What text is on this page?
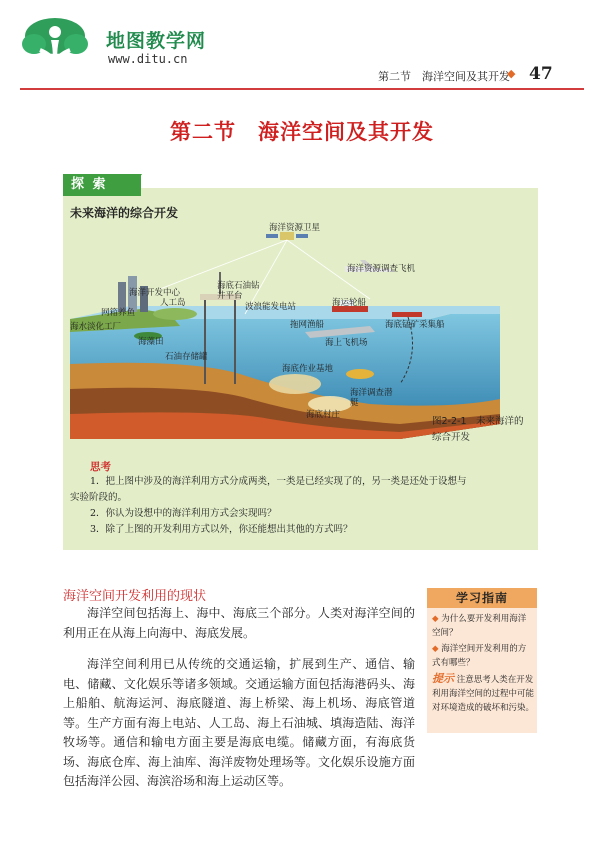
地图教学网
www.ditu.cn
第二节　海洋空间及其开发
◆ 47
第二节　海洋空间及其开发
探 索
未来海洋的综合开发
海洋资源卫星
海洋资源调查飞机
海洋开发中心
人工岛
网箱养鱼
海水淡化工厂
海藻田
海底石油钻井平台
波浪能发电站
石油存储罐
海运轮船
拖网渔船	海底锰矿采集船
海上飞机场
海底作业基地
海洋调查潜艇
海底村庄
图2-2-1　未来海洋的
综合开发
思考
1．把上图中涉及的海洋利用方式分成两类，一类是已经实现了的，另一类是还处于设想与
实验阶段的。
2．你认为设想中的海洋利用方式会实现吗？
3．除了上图的开发利用方式以外，你还能想出其他的方式吗？
海洋空间开发利用的现状

海洋空间包括海上、海中、海底三个部分。人类对海洋空间的利用正在从海上向海中、海底发展。

海洋空间利用已从传统的交通运输，扩展到生产、通信、输电、储藏、文化娱乐等诸多领域。交通运输方面包括海港码头、海上船舶、航海运河、海底隧道、海上桥梁、海上机场、海底管道等。生产方面有海上电站、人工岛、海上石油城、填海造陆、海洋牧场等。通信和输电方面主要是海底电缆。储藏方面，有海底货场、海底仓库、海上油库、海洋废物处理场等。文化娱乐设施方面包括海洋公园、海滨浴场和海上运动区等。

学习指南
◆ 为什么要开发利用海洋空间？
◆ 海洋空间开发利用的方式有哪些？
提示 注意思考人类在开发利用海洋空间的过程中可能对环境造成的破坏和污染。
